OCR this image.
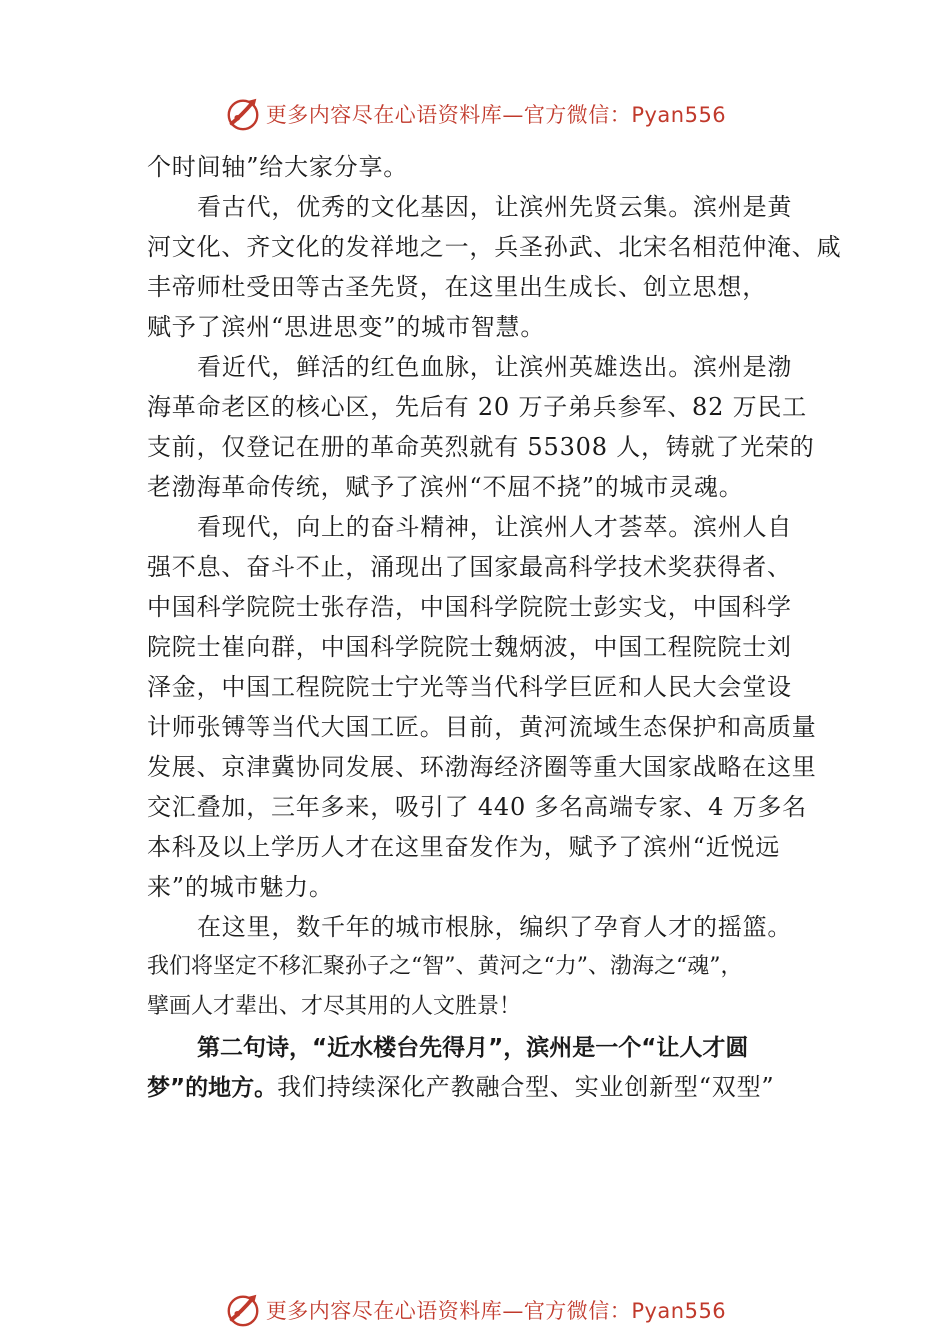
更多内容尽在心语资料库—官方微信：Pyan556
个时间轴”给大家分享。
看古代，优秀的文化基因，让滨州先贤云集。滨州是黄
河文化、齐文化的发祥地之一，兵圣孙武、北宋名相范仲淹、咸
丰帝师杜受田等古圣先贤，在这里出生成长、创立思想，
赋予了滨州“思进思变”的城市智慧。
看近代，鲜活的红色血脉，让滨州英雄迭出。滨州是渤
海革命老区的核心区，先后有 20 万子弟兵参军、82 万民工
支前，仅登记在册的革命英烈就有 55308 人，铸就了光荣的
老渤海革命传统，赋予了滨州“不屈不挠”的城市灵魂。
看现代，向上的奋斗精神，让滨州人才荟萃。滨州人自
强不息、奋斗不止，涌现出了国家最高科学技术奖获得者、
中国科学院院士张存浩，中国科学院院士彭实戈，中国科学
院院士崔向群，中国科学院院士魏炳波，中国工程院院士刘
泽金，中国工程院院士宁光等当代科学巨匠和人民大会堂设
计师张镈等当代大国工匠。目前，黄河流域生态保护和高质量
发展、京津冀协同发展、环渤海经济圈等重大国家战略在这里
交汇叠加，三年多来，吸引了 440 多名高端专家、4 万多名
本科及以上学历人才在这里奋发作为，赋予了滨州“近悦远
来”的城市魅力。
在这里，数千年的城市根脉，编织了孕育人才的摇篮。
我们将坚定不移汇聚孙子之“智”、黄河之“力”、渤海之“魂”，
擘画人才辈出、才尽其用的人文胜景！
第二句诗，“近水楼台先得月”，滨州是一个“让人才圆
梦”的地方。我们持续深化产教融合型、实业创新型“双型”
更多内容尽在心语资料库—官方微信：Pyan556
